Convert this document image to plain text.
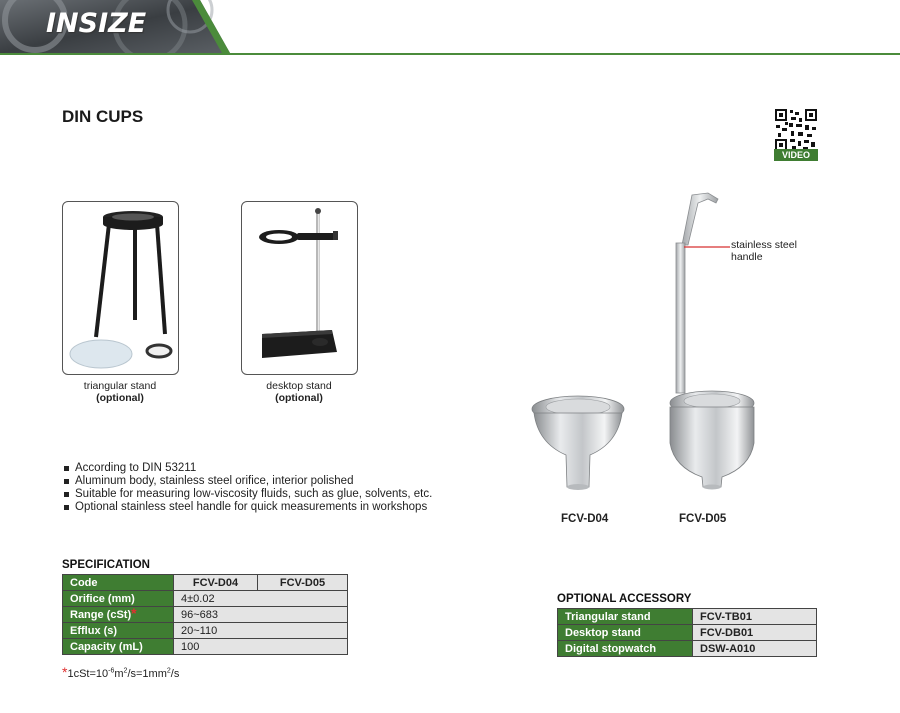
INSIZE
DIN CUPS
VIDEO
triangular stand
(optional)
desktop stand
(optional)
stainless steel
handle
FCV-D04	FCV-D05
According to DIN 53211
Aluminum body, stainless steel orifice, interior polished
Suitable for measuring low-viscosity fluids, such as glue, solvents, etc.
Optional stainless steel handle for quick measurements in workshops
SPECIFICATION
Code	FCV-D04	FCV-D05
Orifice (mm)	4±0.02	
Range (cSt)*	96~683	
Efflux (s)	20~110	
Capacity (mL)	100	
$*1cSt=10^{-6}m^2/s=1mm^2/s$
OPTIONAL ACCESSORY
Triangular stand	FCV-TB01
Desktop stand	FCV-DB01
Digital stopwatch	DSW-A010
